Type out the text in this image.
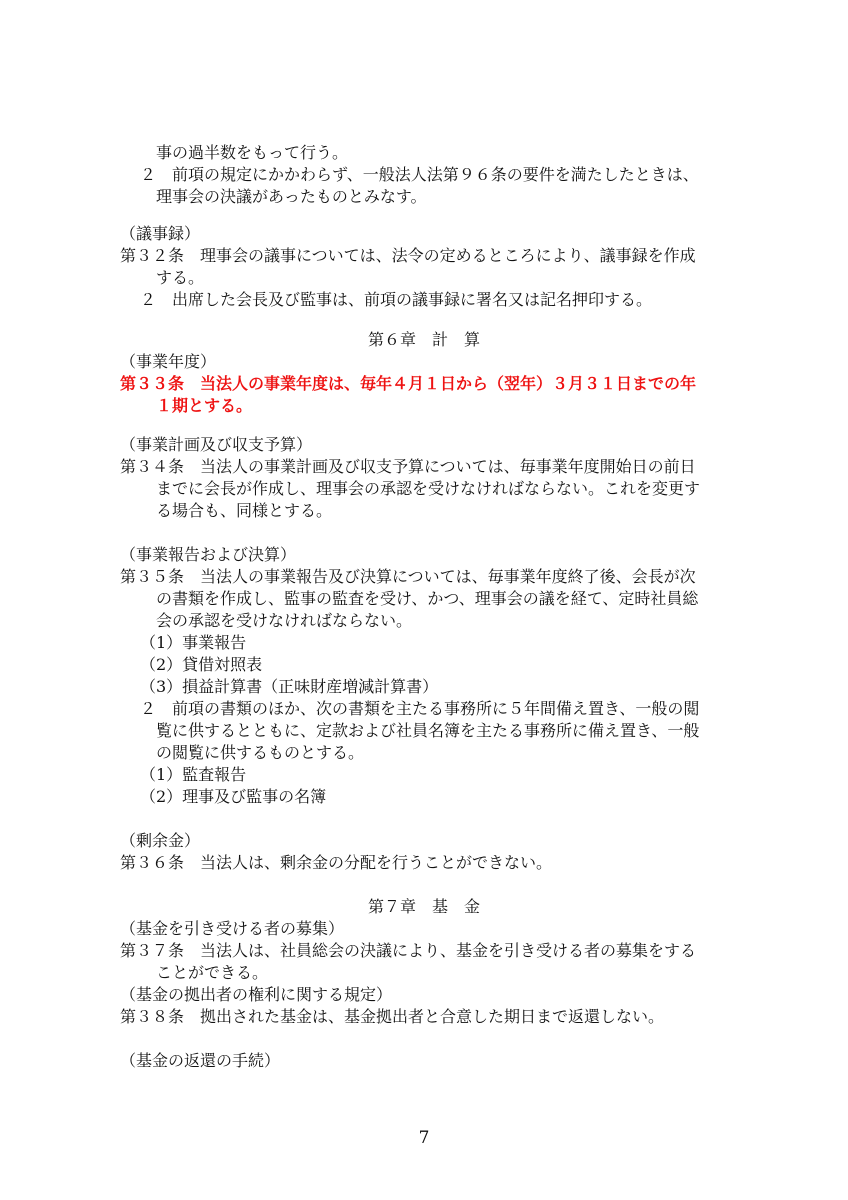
事の過半数をもって行う。
２　前項の規定にかかわらず、一般法人法第９６条の要件を満たしたときは、
理事会の決議があったものとみなす。
（議事録）
第３２条　理事会の議事については、法令の定めるところにより、議事録を作成
する。
２　出席した会長及び監事は、前項の議事録に署名又は記名押印する。
第６章　計　算
（事業年度）
第３３条　当法人の事業年度は、毎年４月１日から（翌年）３月３１日までの年
１期とする。
（事業計画及び収支予算）
第３４条　当法人の事業計画及び収支予算については、毎事業年度開始日の前日
までに会長が作成し、理事会の承認を受けなければならない。これを変更す
る場合も、同様とする。
（事業報告および決算）
第３５条　当法人の事業報告及び決算については、毎事業年度終了後、会長が次
の書類を作成し、監事の監査を受け、かつ、理事会の議を経て、定時社員総
会の承認を受けなければならない。
（1）事業報告
（2）貸借対照表
（3）損益計算書（正味財産増減計算書）
２　前項の書類のほか、次の書類を主たる事務所に５年間備え置き、一般の閲
覧に供するとともに、定款および社員名簿を主たる事務所に備え置き、一般
の閲覧に供するものとする。
（1）監査報告
（2）理事及び監事の名簿
（剰余金）
第３６条　当法人は、剰余金の分配を行うことができない。
第７章　基　金
（基金を引き受ける者の募集）
第３７条　当法人は、社員総会の決議により、基金を引き受ける者の募集をする
ことができる。
（基金の拠出者の権利に関する規定）
第３８条　拠出された基金は、基金拠出者と合意した期日まで返還しない。
（基金の返還の手続）
7
